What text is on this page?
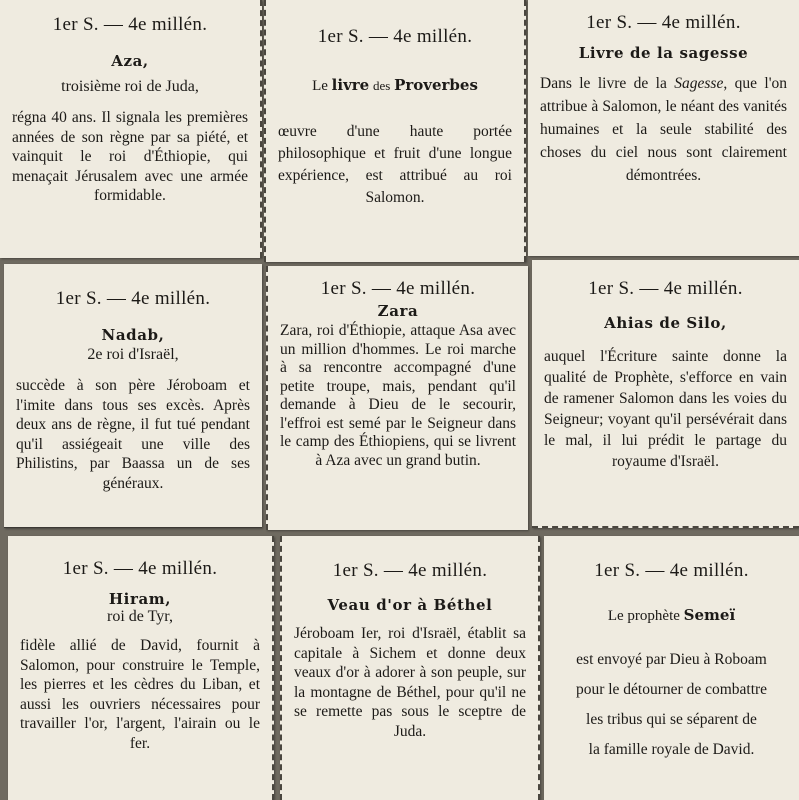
1er S. — 4e millén.

Aza,

troisième roi de Juda,

régna 40 ans. Il signala les premières années de son règne par sa piété, et vainquit le roi d'Éthiopie, qui menaçait Jérusalem avec une armée formidable.

1er S. — 4e millén.

Le livre des Proverbes

œuvre d'une haute portée philosophique et fruit d'une longue expérience, est attribué au roi Salomon.

1er S. — 4e millén.

Livre de la sagesse

Dans le livre de la Sagesse, que l'on attribue à Salomon, le néant des vanités humaines et la seule stabilité des choses du ciel nous sont clairement démontrées.

1er S. — 4e millén.

Nadab,

2e roi d'Israël,

succède à son père Jéroboam et l'imite dans tous ses excès. Après deux ans de règne, il fut tué pendant qu'il assiégeait une ville des Philistins, par Baassa un de ses généraux.

1er S. — 4e millén.

Zara

Zara, roi d'Éthiopie, attaque Asa avec un million d'hommes. Le roi marche à sa rencontre accompagné d'une petite troupe, mais, pendant qu'il demande à Dieu de le secourir, l'effroi est semé par le Seigneur dans le camp des Éthiopiens, qui se livrent à Aza avec un grand butin.

1er S. — 4e millén.

Ahias de Silo,

auquel l'Écriture sainte donne la qualité de Prophète, s'efforce en vain de ramener Salomon dans les voies du Seigneur; voyant qu'il persévérait dans le mal, il lui prédit le partage du royaume d'Israël.

1er S. — 4e millén.

Hiram,

roi de Tyr,

fidèle allié de David, fournit à Salomon, pour construire le Temple, les pierres et les cèdres du Liban, et aussi les ouvriers nécessaires pour travailler l'or, l'argent, l'airain ou le fer.

1er S. — 4e millén.

Veau d'or à Béthel

Jéroboam Ier, roi d'Israël, établit sa capitale à Sichem et donne deux veaux d'or à adorer à son peuple, sur la montagne de Béthel, pour qu'il ne se remette pas sous le sceptre de Juda.

1er S. — 4e millén.

Le prophète Semeï

est envoyé par Dieu à Roboam

pour le détourner de combattre

les tribus qui se séparent de

la famille royale de David.
